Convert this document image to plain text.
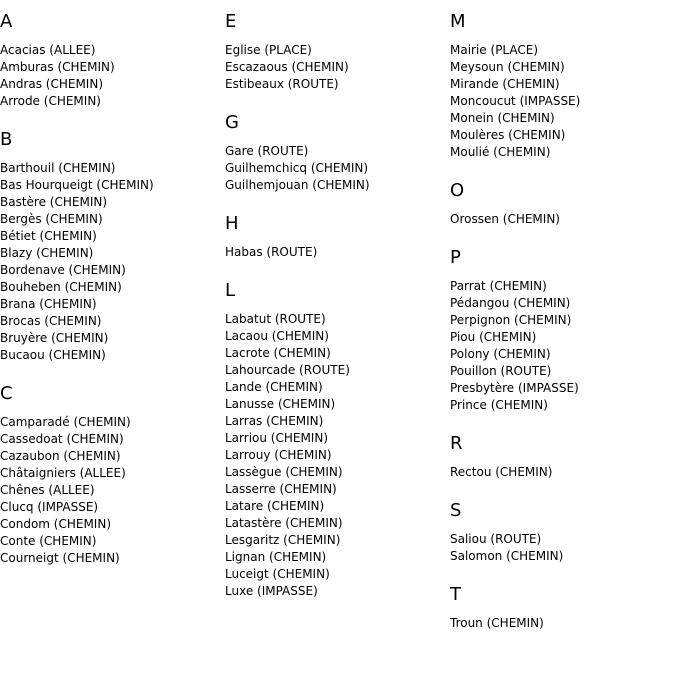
A
Acacias (ALLEE)
Amburas (CHEMIN)
Andras (CHEMIN)
Arrode (CHEMIN)
B
Barthouil (CHEMIN)
Bas Hourqueigt (CHEMIN)
Bastère (CHEMIN)
Bergès (CHEMIN)
Bétiet (CHEMIN)
Blazy (CHEMIN)
Bordenave (CHEMIN)
Bouheben (CHEMIN)
Brana (CHEMIN)
Brocas (CHEMIN)
Bruyère (CHEMIN)
Bucaou (CHEMIN)
C
Camparadé (CHEMIN)
Cassedoat (CHEMIN)
Cazaubon (CHEMIN)
Châtaigniers (ALLEE)
Chênes (ALLEE)
Clucq (IMPASSE)
Condom (CHEMIN)
Conte (CHEMIN)
Courneigt (CHEMIN)
E
Eglise (PLACE)
Escazaous (CHEMIN)
Estibeaux (ROUTE)
G
Gare (ROUTE)
Guilhemchicq (CHEMIN)
Guilhemjouan (CHEMIN)
H
Habas (ROUTE)
L
Labatut (ROUTE)
Lacaou (CHEMIN)
Lacrote (CHEMIN)
Lahourcade (ROUTE)
Lande (CHEMIN)
Lanusse (CHEMIN)
Larras (CHEMIN)
Larriou (CHEMIN)
Larrouy (CHEMIN)
Lassègue (CHEMIN)
Lasserre (CHEMIN)
Latare (CHEMIN)
Latastère (CHEMIN)
Lesgaritz (CHEMIN)
Lignan (CHEMIN)
Luceigt (CHEMIN)
Luxe (IMPASSE)
M
Mairie (PLACE)
Meysoun (CHEMIN)
Mirande (CHEMIN)
Moncoucut (IMPASSE)
Monein (CHEMIN)
Moulères (CHEMIN)
Moulié (CHEMIN)
O
Orossen (CHEMIN)
P
Parrat (CHEMIN)
Pédangou (CHEMIN)
Perpignon (CHEMIN)
Piou (CHEMIN)
Polony (CHEMIN)
Pouillon (ROUTE)
Presbytère (IMPASSE)
Prince (CHEMIN)
R
Rectou (CHEMIN)
S
Saliou (ROUTE)
Salomon (CHEMIN)
T
Troun (CHEMIN)
